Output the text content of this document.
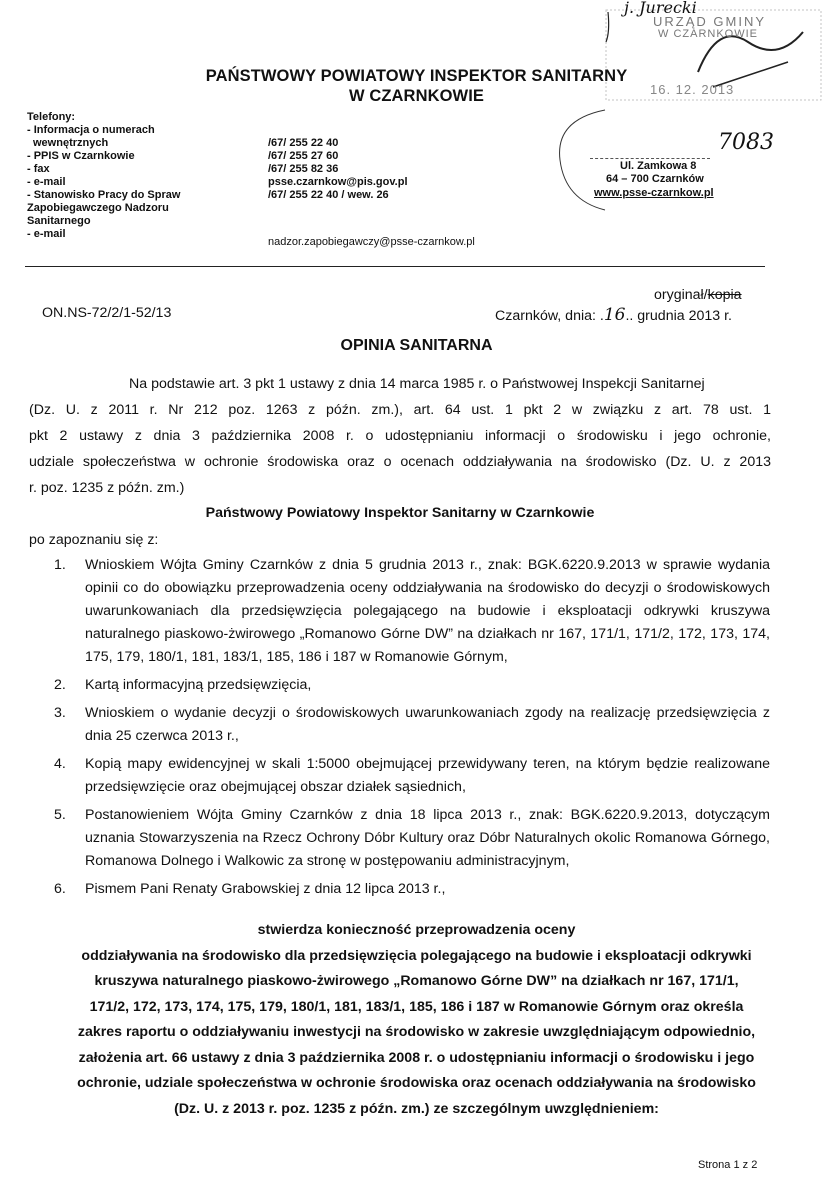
j. Jurecki
URZĄD GMINY
W CZARNKOWIE
16. 12. 2013
PAŃSTWOWY POWIATOWY INSPEKTOR SANITARNY
W CZARNKOWIE
Telefony:
- Informacja o numerach
wewnętrznych
- PPIS w Czarnkowie
- fax
- e-mail
- Stanowisko Pracy do Spraw
Zapobiegawczego Nadzoru
Sanitarnego
- e-mail
/67/ 255 22 40
/67/ 255 27 60
/67/ 255 82 36
psse.czarnkow@pis.gov.pl
/67/ 255 22 40 / wew. 26
nadzor.zapobiegawczy@psse-czarnkow.pl
7083
Ul. Zamkowa 8
64 – 700 Czarnków
www.psse-czarnkow.pl
oryginał/kopia
ON.NS-72/2/1-52/13	Czarnków, dnia: .16.. grudnia 2013 r.
OPINIA SANITARNA
Na podstawie art. 3 pkt 1 ustawy z dnia 14 marca 1985 r. o Państwowej Inspekcji Sanitarnej
(Dz. U. z 2011 r. Nr 212 poz. 1263 z późn. zm.), art. 64 ust. 1 pkt 2 w związku z art. 78 ust. 1
pkt 2 ustawy z dnia 3 października 2008 r. o udostępnianiu informacji o środowisku i jego ochronie,
udziale społeczeństwa w ochronie środowiska oraz o ocenach oddziaływania na środowisko (Dz. U. z 2013
r. poz. 1235 z późn. zm.)
Państwowy Powiatowy Inspektor Sanitarny w Czarnkowie
po zapoznaniu się z:
1. Wnioskiem Wójta Gminy Czarnków z dnia 5 grudnia 2013 r., znak: BGK.6220.9.2013 w sprawie wydania opinii co do obowiązku przeprowadzenia oceny oddziaływania na środowisko do decyzji o środowiskowych uwarunkowaniach dla przedsięwzięcia polegającego na budowie i eksploatacji odkrywki kruszywa naturalnego piaskowo-żwirowego „Romanowo Górne DW” na działkach nr 167, 171/1, 171/2, 172, 173, 174, 175, 179, 180/1, 181, 183/1, 185, 186 i 187 w Romanowie Górnym,
2. Kartą informacyjną przedsięwzięcia,
3. Wnioskiem o wydanie decyzji o środowiskowych uwarunkowaniach zgody na realizację przedsięwzięcia z dnia 25 czerwca 2013 r.,
4. Kopią mapy ewidencyjnej w skali 1:5000 obejmującej przewidywany teren, na którym będzie realizowane przedsięwzięcie oraz obejmującej obszar działek sąsiednich,
5. Postanowieniem Wójta Gminy Czarnków z dnia 18 lipca 2013 r., znak: BGK.6220.9.2013, dotyczącym uznania Stowarzyszenia na Rzecz Ochrony Dóbr Kultury oraz Dóbr Naturalnych okolic Romanowa Górnego, Romanowa Dolnego i Walkowic za stronę w postępowaniu administracyjnym,
6. Pismem Pani Renaty Grabowskiej z dnia 12 lipca 2013 r.,
stwierdza konieczność przeprowadzenia oceny
oddziaływania na środowisko dla przedsięwzięcia polegającego na budowie i eksploatacji odkrywki
kruszywa naturalnego piaskowo-żwirowego „Romanowo Górne DW” na działkach nr 167, 171/1,
171/2, 172, 173, 174, 175, 179, 180/1, 181, 183/1, 185, 186 i 187 w Romanowie Górnym oraz określa
zakres raportu o oddziaływaniu inwestycji na środowisko w zakresie uwzględniającym odpowiednio,
założenia art. 66 ustawy z dnia 3 października 2008 r. o udostępnianiu informacji o środowisku i jego
ochronie, udziale społeczeństwa w ochronie środowiska oraz ocenach oddziaływania na środowisko
(Dz. U. z 2013 r. poz. 1235 z późn. zm.) ze szczególnym uwzględnieniem:
Strona 1 z 2
